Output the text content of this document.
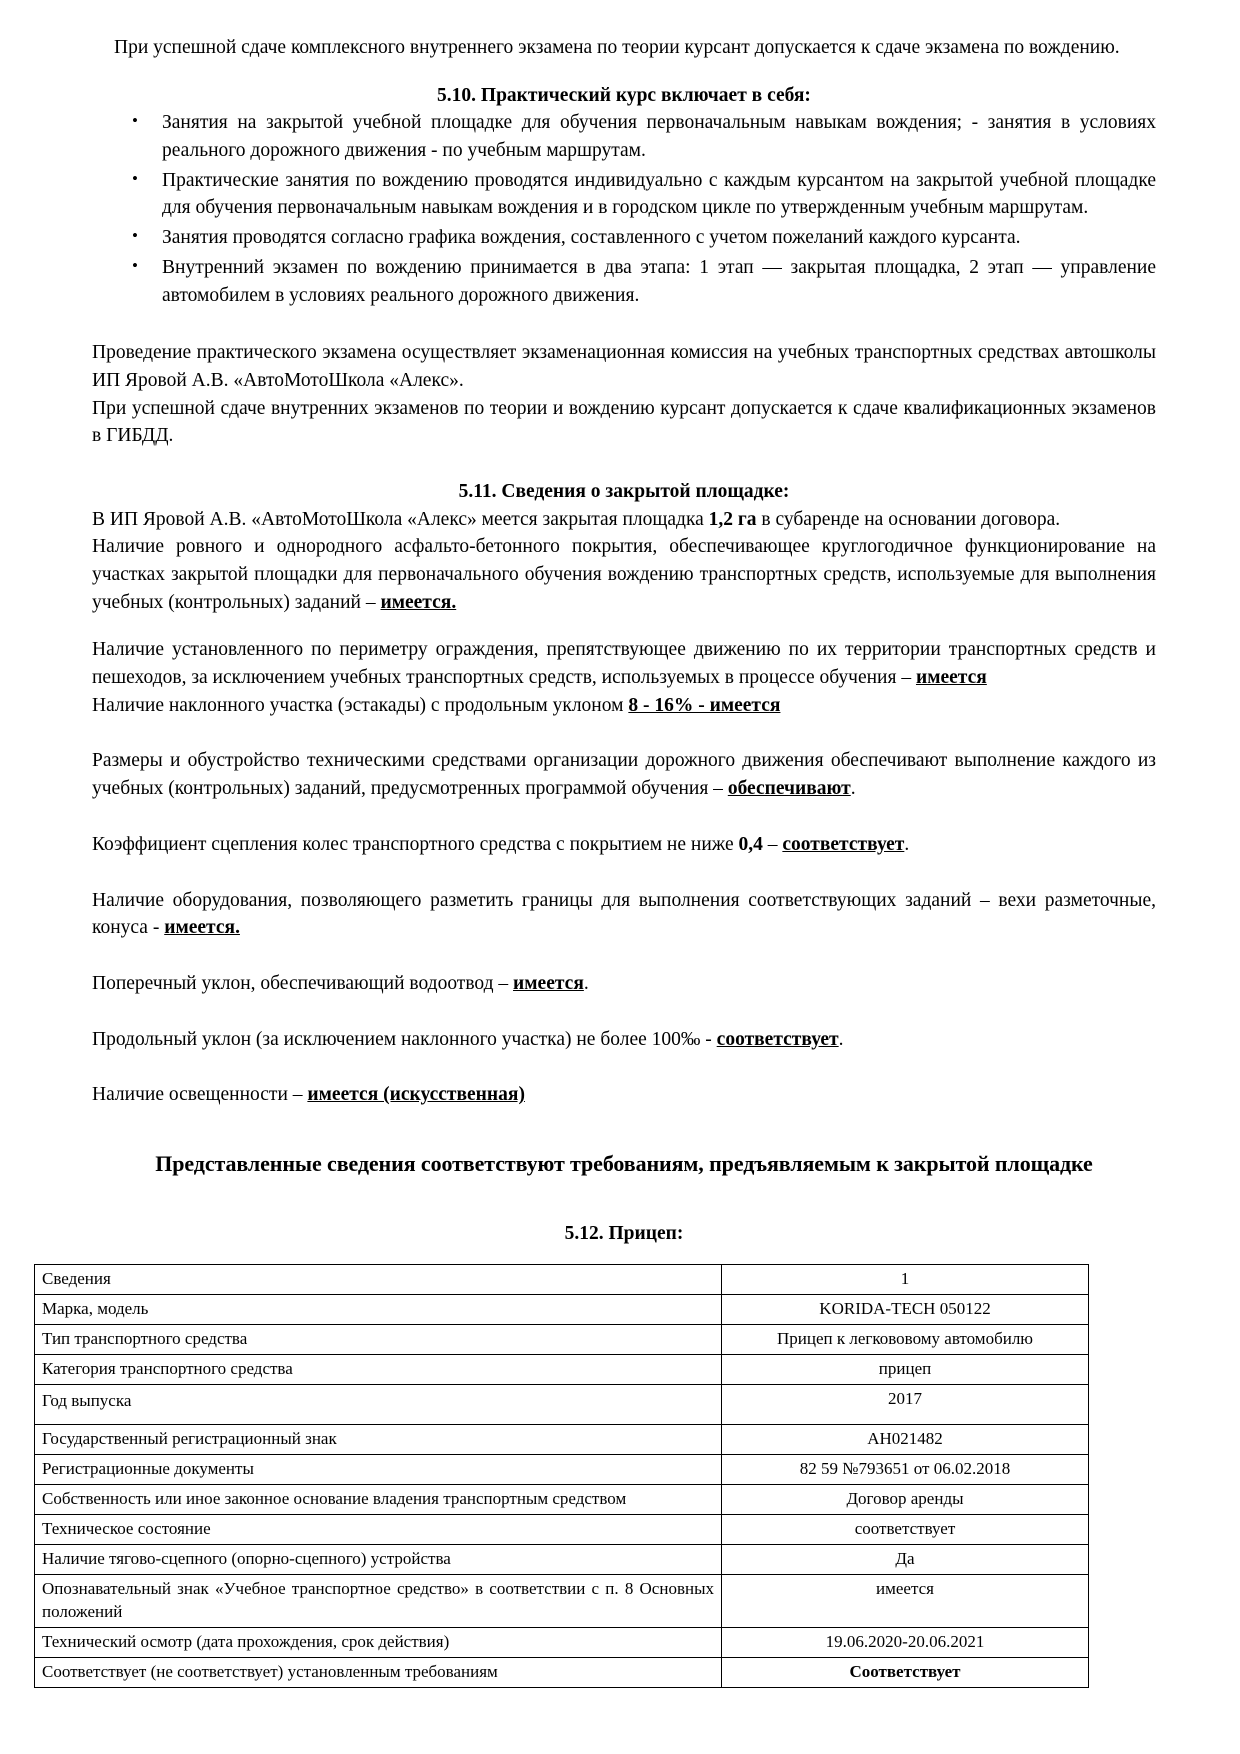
При успешной сдаче комплексного внутреннего экзамена по теории курсант допускается к сдаче экзамена по вождению.

5.10. Практический курс включает в себя:

• Занятия на закрытой учебной площадке для обучения первоначальным навыкам вождения; - занятия в условиях реального дорожного движения - по учебным маршрутам.
• Практические занятия по вождению проводятся индивидуально с каждым курсантом на закрытой учебной площадке для обучения первоначальным навыкам вождения и в городском цикле по утвержденным учебным маршрутам.
• Занятия проводятся согласно графика вождения, составленного с учетом пожеланий каждого курсанта.
• Внутренний экзамен по вождению принимается в два этапа: 1 этап — закрытая площадка, 2 этап — управление автомобилем в условиях реального дорожного движения.

Проведение практического экзамена осуществляет экзаменационная комиссия на учебных транспортных средствах автошколы ИП Яровой А.В. «АвтоМотоШкола «Алекс».

При успешной сдаче внутренних экзаменов по теории и вождению курсант допускается к сдаче квалификационных экзаменов в ГИБДД.

5.11. Сведения о закрытой площадке:

В ИП Яровой А.В. «АвтоМотоШкола «Алекс» меется закрытая площадка 1,2 га в субаренде на основании договора.

Наличие ровного и однородного асфальто-бетонного покрытия, обеспечивающее круглогодичное функционирование на участках закрытой площадки для первоначального обучения вождению транспортных средств, используемые для выполнения учебных (контрольных) заданий – имеется.

Наличие установленного по периметру ограждения, препятствующее движению по их территории транспортных средств и пешеходов, за исключением учебных транспортных средств, используемых в процессе обучения – имеется

Наличие наклонного участка (эстакады) с продольным уклоном 8 - 16% - имеется

Размеры и обустройство техническими средствами организации дорожного движения обеспечивают выполнение каждого из учебных (контрольных) заданий, предусмотренных программой обучения – обеспечивают.

Коэффициент сцепления колес транспортного средства с покрытием не ниже 0,4 – соответствует.

Наличие оборудования, позволяющего разметить границы для выполнения соответствующих заданий – вехи разметочные, конуса - имеется.

Поперечный уклон, обеспечивающий водоотвод – имеется.

Продольный уклон (за исключением наклонного участка) не более 100‰ - соответствует.

Наличие освещенности – имеется (искусственная)

Представленные сведения соответствуют требованиям, предъявляемым к закрытой площадке

5.12. Прицеп:

Сведения	1
Марка, модель	KORIDA-TECH 050122
Тип транспортного средства	Прицеп к легкововому автомобилю
Категория транспортного средства	прицеп
Год выпуска	2017
Государственный регистрационный знак	АН021482
Регистрационные документы	82 59 №793651 от 06.02.2018
Собственность или иное законное основание владения транспортным средством	Договор аренды
Техническое состояние	соответствует
Наличие тягово-сцепного (опорно-сцепного) устройства	Да
Опознавательный знак «Учебное транспортное средство» в соответствии с п. 8 Основных положений	имеется
Технический осмотр (дата прохождения, срок действия)	19.06.2020-20.06.2021
Соответствует (не соответствует) установленным требованиям	Соответствует
